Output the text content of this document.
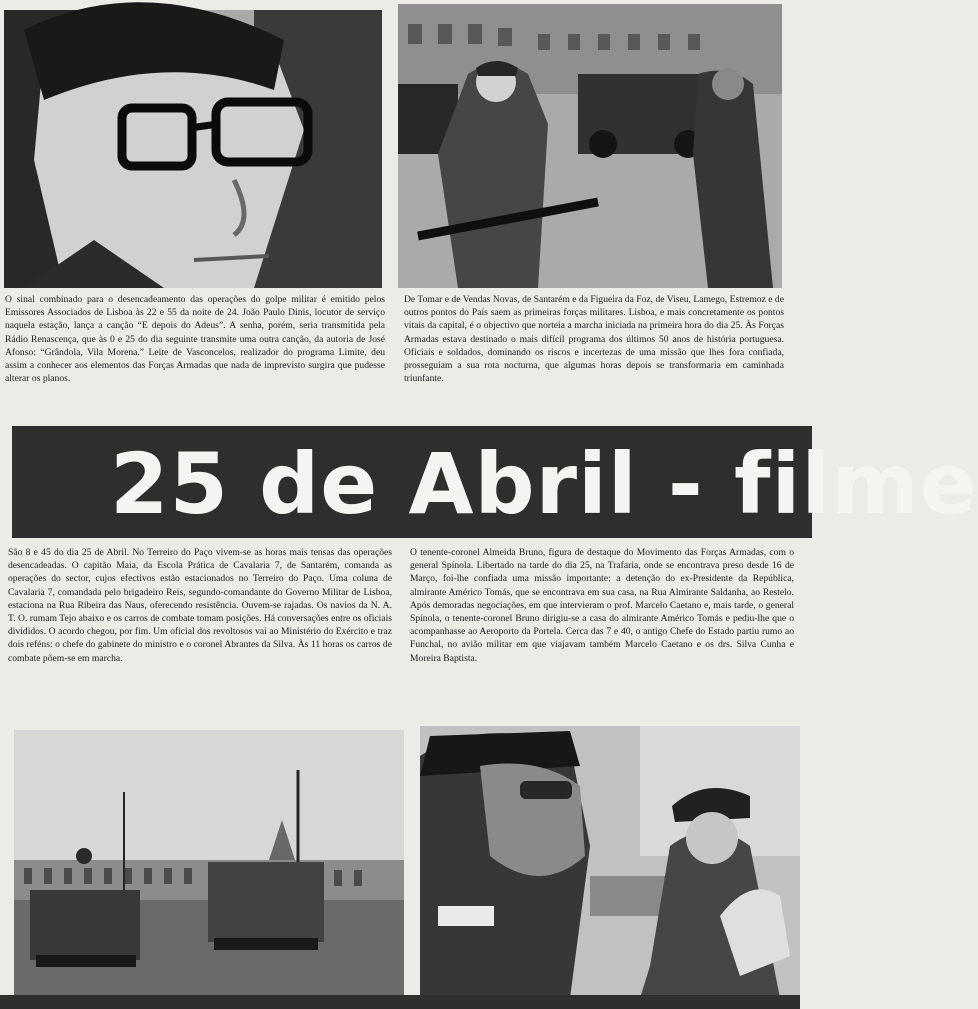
O sinal combinado para o desencadeamento das operações do golpe militar é emitido pelos Emissores Associados de Lisboa às 22 e 55 da noite de 24. João Paulo Dinis, locutor de serviço naquela estação, lança a canção “E depois do Adeus”. A senha, porém, seria transmitida pela Rádio Renascença, que às 0 e 25 do dia seguinte transmite uma outra canção, da autoria de José Afonso: “Grândola, Vila Morena.” Leite de Vasconcelos, realizador do programa Limite, deu assim a conhecer aos elementos das Forças Armadas que nada de imprevisto surgira que pudesse alterar os planos.

De Tomar e de Vendas Novas, de Santarém e da Figueira da Foz, de Viseu, Lamego, Estremoz e de outros pontos do País saem as primeiras forças militares. Lisboa, e mais concretamente os pontos vitais da capital, é o objectivo que norteia a marcha iniciada na primeira hora do dia 25. Às Forças Armadas estava destinado o mais difícil programa dos últimos 50 anos de história portuguesa. Oficiais e soldados, dominando os riscos e incertezas de uma missão que lhes fora confiada, prosseguiam a sua rota nocturna, que algumas horas depois se transformaria em caminhada triunfante.

25 de Abril - filme

São 8 e 45 do dia 25 de Abril. No Terreiro do Paço vivem-se as horas mais tensas das operações desencadeadas. O capitão Maia, da Escola Prática de Cavalaria 7, de Santarém, comanda as operações do sector, cujos efectivos estão estacionados no Terreiro do Paço. Uma coluna de Cavalaria 7, comandada pelo brigadeiro Reis, segundo-comandante do Governo Militar de Lisboa, estaciona na Rua Ribeira das Naus, oferecendo resistência. Ouvem-se rajadas. Os navios da N. A. T. O. rumam Tejo abaixo e os carros de combate tomam posições. Há conversações entre os oficiais divididos. O acordo chegou, por fim. Um oficial dos revoltosos vai ao Ministério do Exército e traz dois reféns: o chefe do gabinete do ministro e o coronel Abrantes da Silva. Às 11 horas os carros de combate põem-se em marcha.

O tenente-coronel Almeida Bruno, figura de destaque do Movimento das Forças Armadas, com o general Spínola. Libertado na tarde do dia 25, na Trafaria, onde se encontrava preso desde 16 de Março, foi-lhe confiada uma missão importante: a detenção do ex-Presidente da República, almirante Américo Tomás, que se encontrava em sua casa, na Rua Almirante Saldanha, ao Restelo. Após demoradas negociações, em que intervieram o prof. Marcelo Caetano e, mais tarde, o general Spínola, o tenente-coronel Bruno dirigiu-se a casa do almirante Américo Tomás e pediu-lhe que o acompanhasse ao Aeroporto da Portela. Cerca das 7 e 40, o antigo Chefe do Estado partiu rumo ao Funchal, no avião militar em que viajavam também Marcelo Caetano e os drs. Silva Cunha e Moreira Baptista.
